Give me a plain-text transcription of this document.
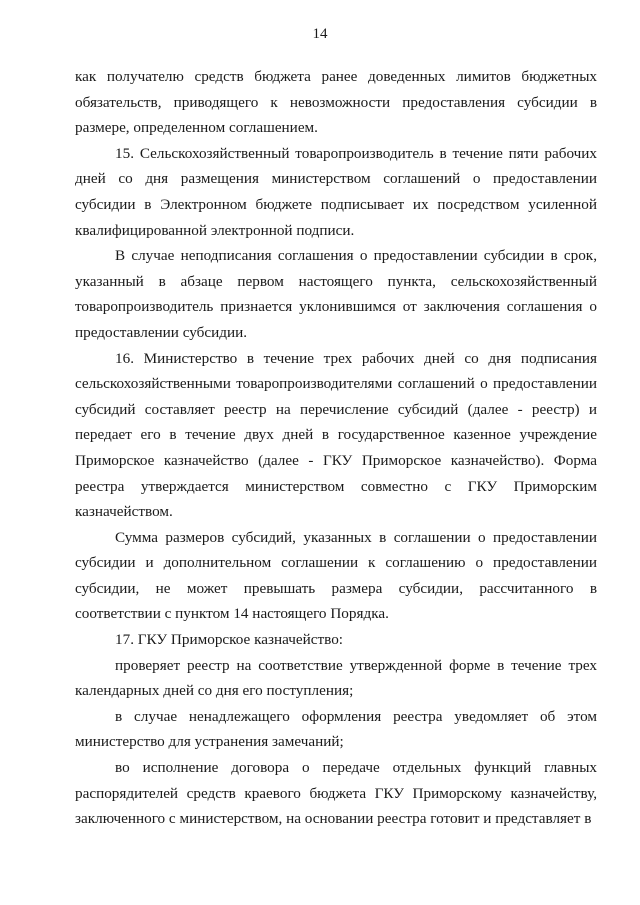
14

как получателю средств бюджета ранее доведенных лимитов бюджетных обязательств, приводящего к невозможности предоставления субсидии в размере, определенном соглашением.

15. Сельскохозяйственный товаропроизводитель в течение пяти рабочих дней со дня размещения министерством соглашений о предоставлении субсидии в Электронном бюджете подписывает их посредством усиленной квалифицированной электронной подписи.

В случае неподписания соглашения о предоставлении субсидии в срок, указанный в абзаце первом настоящего пункта, сельскохозяйственный товаропроизводитель признается уклонившимся от заключения соглашения о предоставлении субсидии.

16. Министерство в течение трех рабочих дней со дня подписания сельскохозяйственными товаропроизводителями соглашений о предоставлении субсидий составляет реестр на перечисление субсидий (далее - реестр) и передает его в течение двух дней в государственное казенное учреждение Приморское казначейство (далее - ГКУ Приморское казначейство). Форма реестра утверждается министерством совместно с ГКУ Приморским казначейством.

Сумма размеров субсидий, указанных в соглашении о предоставлении субсидии и дополнительном соглашении к соглашению о предоставлении субсидии, не может превышать размера субсидии, рассчитанного в соответствии с пунктом 14 настоящего Порядка.

17. ГКУ Приморское казначейство:

проверяет реестр на соответствие утвержденной форме в течение трех календарных дней со дня его поступления;

в случае ненадлежащего оформления реестра уведомляет об этом министерство для устранения замечаний;

во исполнение договора о передаче отдельных функций главных распорядителей средств краевого бюджета ГКУ Приморскому казначейству, заключенного с министерством, на основании реестра готовит и представляет в
